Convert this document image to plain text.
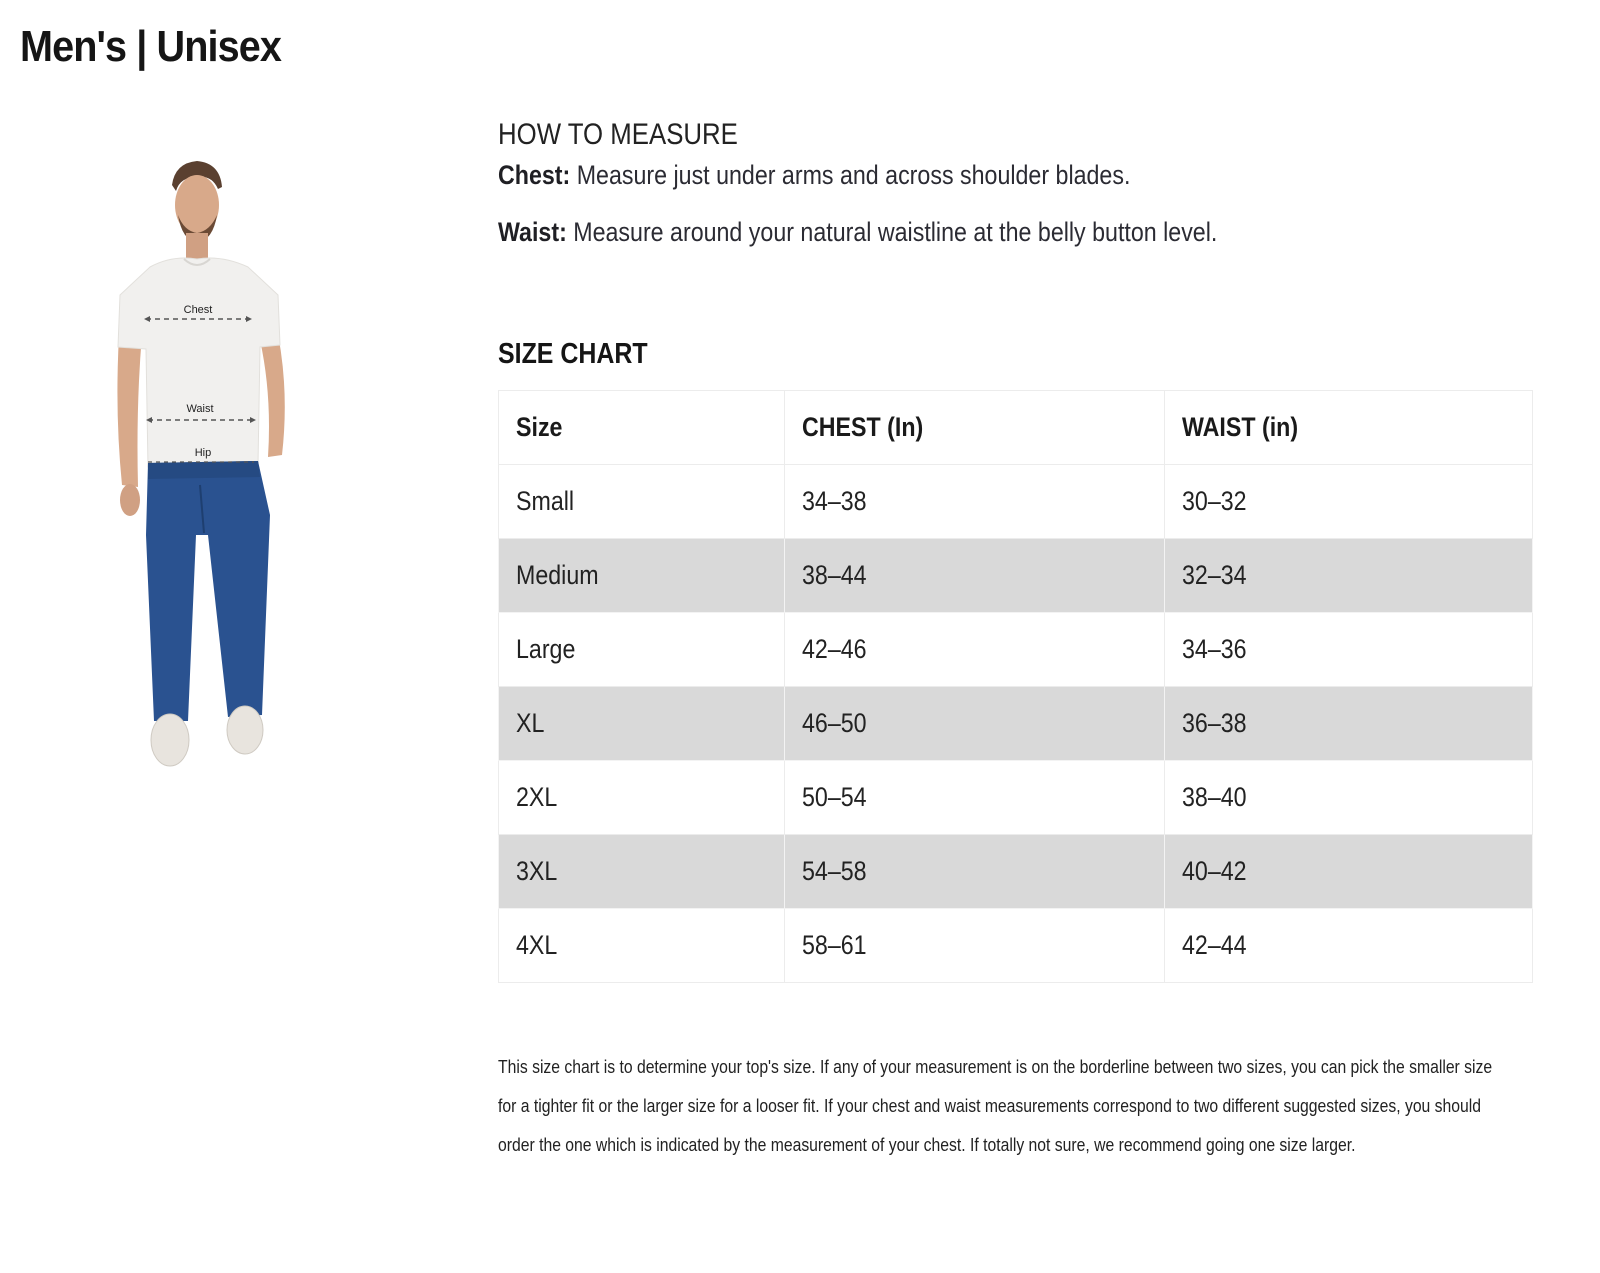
Men's | Unisex
Chest
Waist
Hip
HOW TO MEASURE

Chest: Measure just under arms and across shoulder blades.

Waist: Measure around your natural waistline at the belly button level.

SIZE CHART
Size	CHEST (In)	WAIST (in)
Small	34–38	30–32
Medium	38–44	32–34
Large	42–46	34–36
XL	46–50	36–38
2XL	50–54	38–40
3XL	54–58	40–42
4XL	58–61	42–44

This size chart is to determine your top's size. If any of your measurement is on the borderline between two sizes, you can pick the smaller size for a tighter fit or the larger size for a looser fit. If your chest and waist measurements correspond to two different suggested sizes, you should order the one which is indicated by the measurement of your chest. If totally not sure, we recommend going one size larger.
